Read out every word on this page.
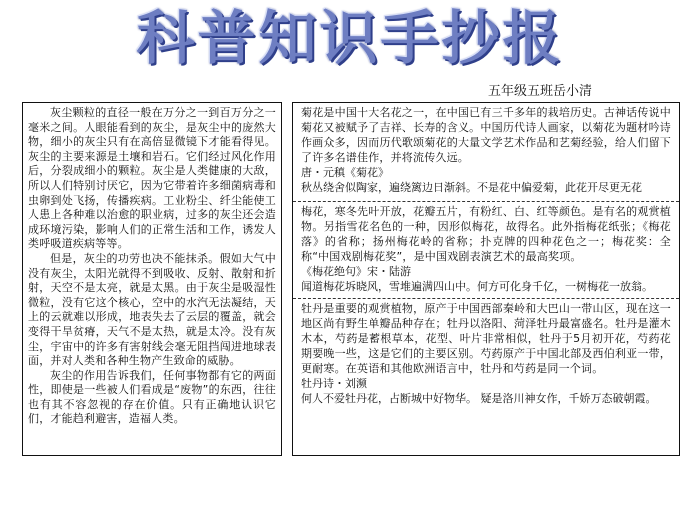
科普知识手抄报
五年级五班岳小清

灰尘颗粒的直径一般在万分之一到百万分之一毫米之间。人眼能看到的灰尘，是灰尘中的庞然大物，细小的灰尘只有在高倍显微镜下才能看得见。灰尘的主要来源是土壤和岩石。它们经过风化作用后，分裂成细小的颗粒。灰尘是人类健康的大敌，所以人们特别讨厌它，因为它带着许多细菌病毒和虫卵到处飞扬，传播疾病。工业粉尘、纤尘能使工人患上各种难以治愈的职业病，过多的灰尘还会造成环境污染，影响人们的正常生活和工作，诱发人类呼吸道疾病等等。

但是，灰尘的功劳也决不能抹杀。假如大气中没有灰尘，太阳光就得不到吸收、反射、散射和折射，天空不是太亮，就是太黑。由于灰尘是吸湿性微粒，没有它这个核心，空中的水汽无法凝结，天上的云就难以形成，地表失去了云层的覆盖，就会变得干旱贫瘠，天气不是太热，就是太冷。没有灰尘，宇宙中的许多有害射线会毫无阻挡闯进地球表面，并对人类和各种生物产生致命的威胁。

灰尘的作用告诉我们，任何事物都有它的两面性，即使是一些被人们看成是“废物”的东西，往往也有其不容忽视的存在价值。只有正确地认识它们，才能趋利避害，造福人类。

菊花是中国十大名花之一，在中国已有三千多年的栽培历史。古神话传说中菊花又被赋予了吉祥、长寿的含义。中国历代诗人画家，以菊花为题材吟诗作画众多，因而历代歌颂菊花的大量文学艺术作品和艺菊经验，给人们留下了许多名谱佳作，并将流传久远。

唐・元稹《菊花》

秋丛绕舍似陶家，遍绕篱边日渐斜。不是花中偏爱菊，此花开尽更无花

梅花，寒冬先叶开放，花瓣五片，有粉红、白、红等颜色。是有名的观赏植物。另指雪花名色的一种，因形似梅花，故得名。此外指梅花纸张；《梅花落》的省称；扬州梅花岭的省称；扑克牌的四种花色之一；梅花奖：全称“中国戏剧梅花奖”，是中国戏剧表演艺术的最高奖项。

《梅花绝句》宋・陆游

闻道梅花坼晓风，雪堆遍满四山中。何方可化身千亿，一树梅花一放翁。

牡丹是重要的观赏植物，原产于中国西部秦岭和大巴山一带山区，现在这一地区尚有野生单瓣品种存在；牡丹以洛阳、菏泽牡丹最富盛名。牡丹是灌木木本，芍药是蓄根草本，花型、叶片非常相似，牡丹于5月初开花，芍药花期要晚一些，这是它们的主要区别。芍药原产于中国北部及西伯利亚一带，更耐寒。在英语和其他欧洲语言中，牡丹和芍药是同一个词。

牡丹诗・刘濒

何人不爱牡丹花，占断城中好物华。 疑是洛川神女作，千娇万态破朝霞。
